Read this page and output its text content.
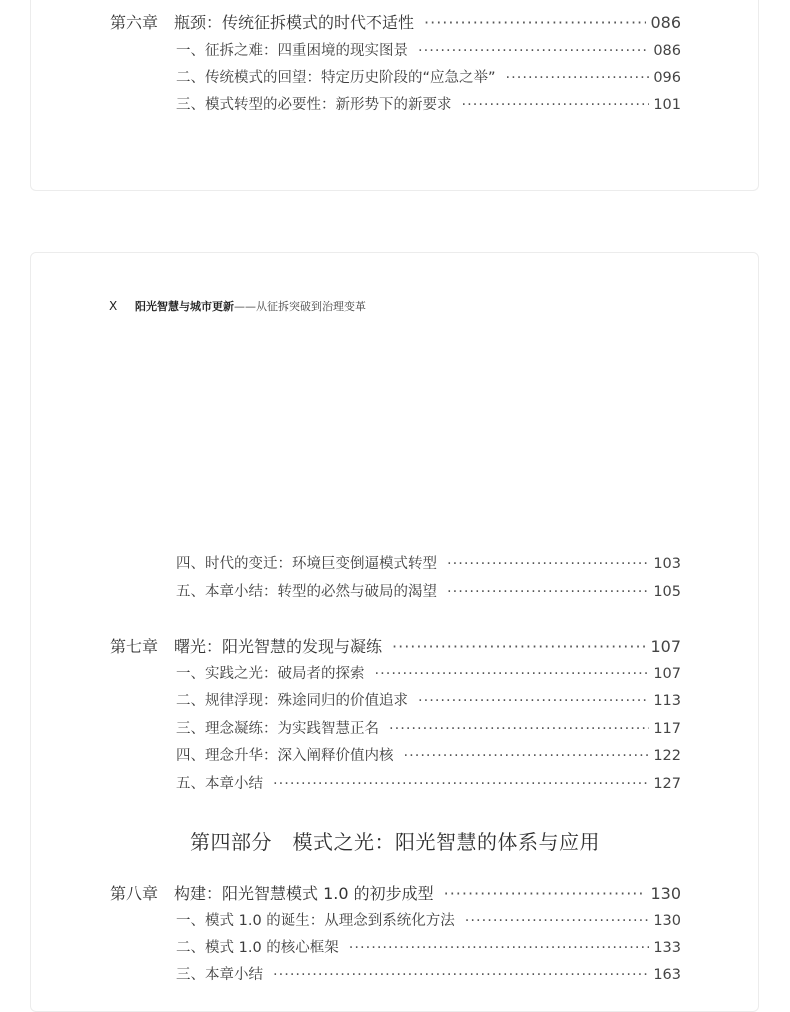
第六章 瓶颈：传统征拆模式的时代不适性 ·····	086
一、征拆之难：四重困境的现实图景 ·····	086
二、传统模式的回望：特定历史阶段的“应急之举” ·····	096
三、模式转型的必要性：新形势下的新要求 ·····	101
X	阳光智慧与城市更新 ——从征拆突破到治理变革
四、时代的变迁：环境巨变倒逼模式转型 ·····	103
五、本章小结：转型的必然与破局的渴望 ·····	105
第七章 曙光：阳光智慧的发现与凝练 ·····	107
一、实践之光：破局者的探索 ·····	107
二、规律浮现：殊途同归的价值追求 ·····	113
三、理念凝练：为实践智慧正名 ·····	117
四、理念升华：深入阐释价值内核 ·····	122
五、本章小结 ·····	127
第四部分　模式之光：阳光智慧的体系与应用
第八章 构建：阳光智慧模式 1.0 的初步成型 ·····	130
一、模式 1.0 的诞生：从理念到系统化方法 ·····	130
二、模式 1.0 的核心框架 ·····	133
三、本章小结 ·····	163
